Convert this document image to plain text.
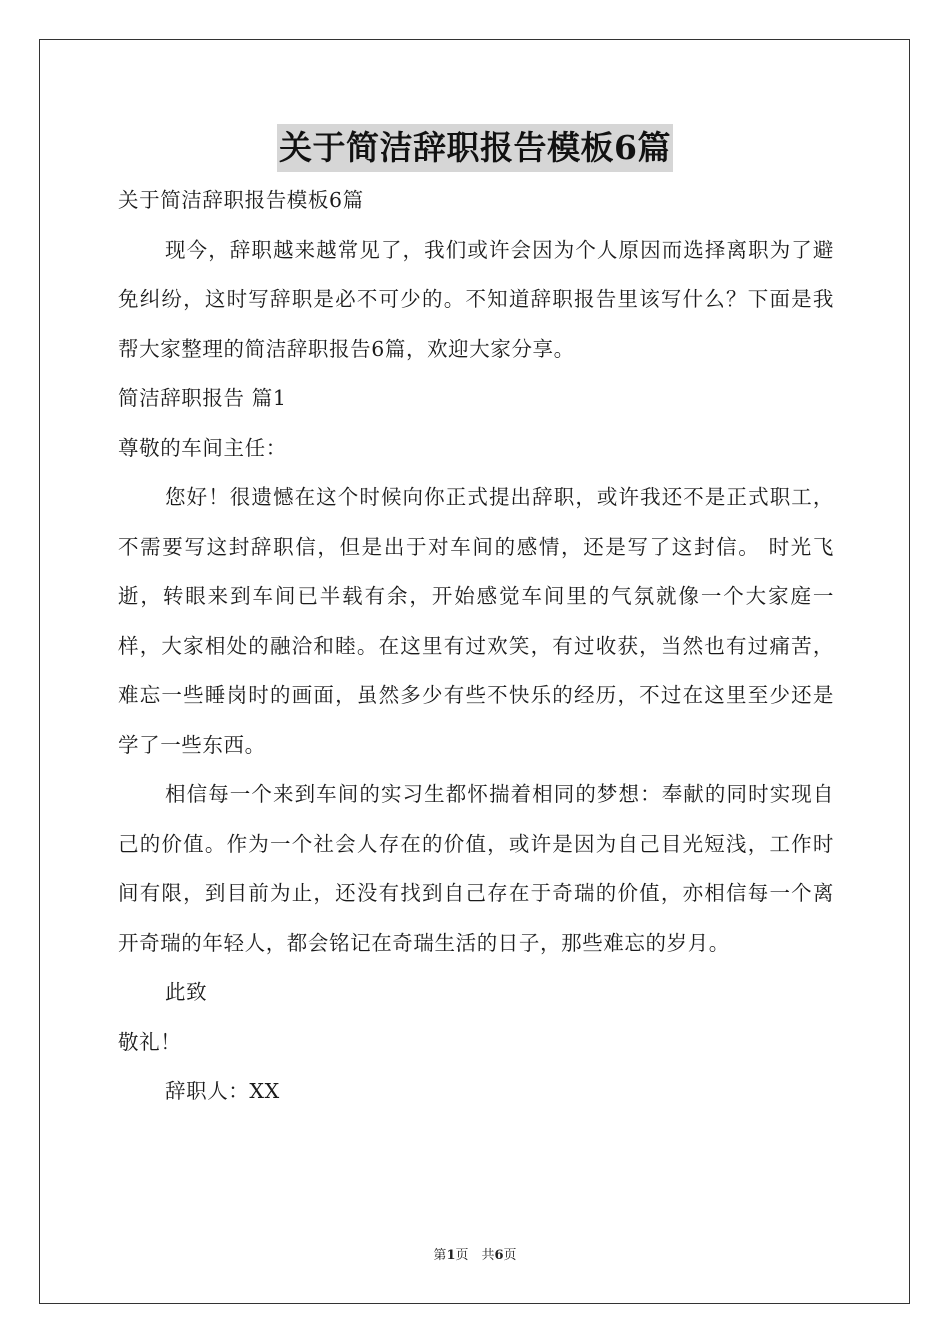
关于简洁辞职报告模板6篇

关于简洁辞职报告模板6篇

现今，辞职越来越常见了，我们或许会因为个人原因而选择离职为了避免纠纷，这时写辞职是必不可少的。不知道辞职报告里该写什么？下面是我帮大家整理的简洁辞职报告6篇，欢迎大家分享。

简洁辞职报告 篇1

尊敬的车间主任：

您好！很遗憾在这个时候向你正式提出辞职，或许我还不是正式职工，不需要写这封辞职信，但是出于对车间的感情，还是写了这封信。 时光飞逝，转眼来到车间已半载有余，开始感觉车间里的气氛就像一个大家庭一样，大家相处的融洽和睦。在这里有过欢笑，有过收获，当然也有过痛苦，难忘一些睡岗时的画面，虽然多少有些不快乐的经历，不过在这里至少还是学了一些东西。

相信每一个来到车间的实习生都怀揣着相同的梦想：奉献的同时实现自己的价值。作为一个社会人存在的价值，或许是因为自己目光短浅，工作时间有限，到目前为止，还没有找到自己存在于奇瑞的价值，亦相信每一个离开奇瑞的年轻人，都会铭记在奇瑞生活的日子，那些难忘的岁月。

此致

敬礼！

辞职人：XX

第1页　共6页
